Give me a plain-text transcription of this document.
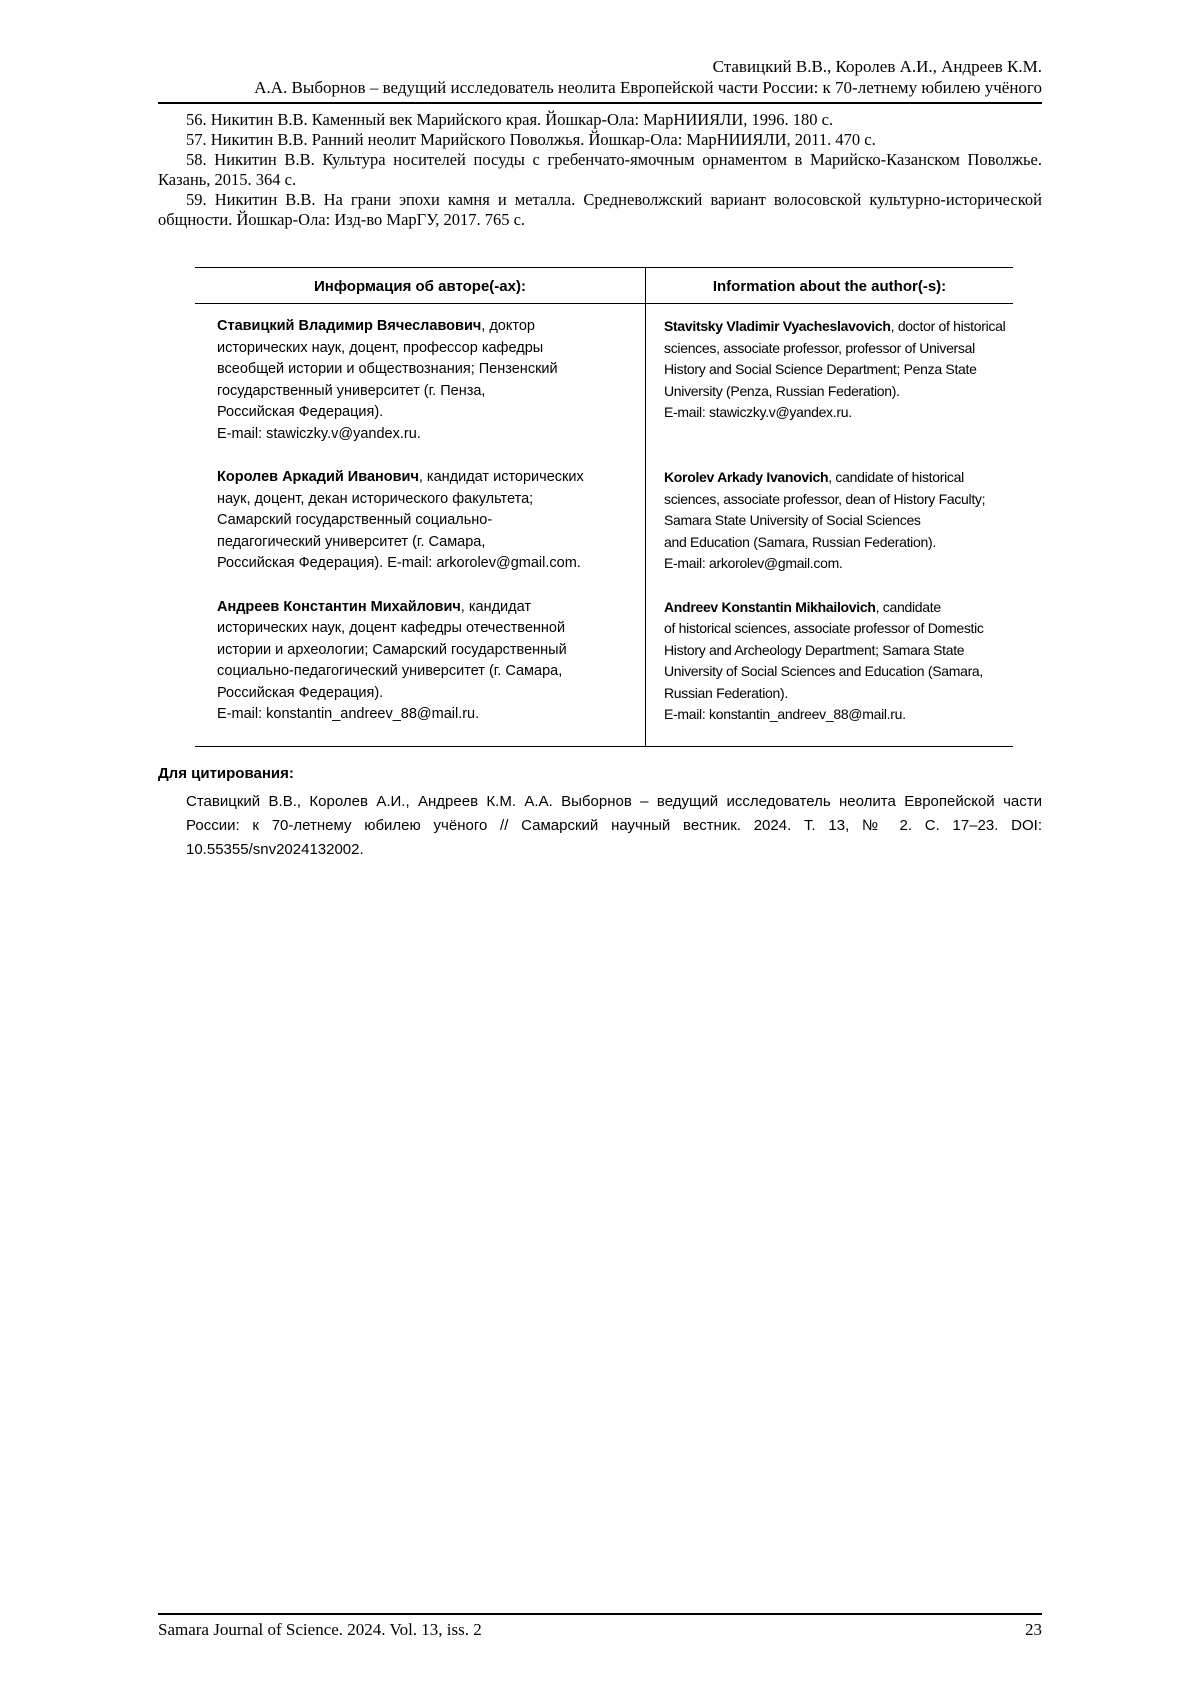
Ставицкий В.В., Королев А.И., Андреев К.М.
А.А. Выборнов – ведущий исследователь неолита Европейской части России: к 70-летнему юбилею учёного

56. Никитин В.В. Каменный век Марийского края. Йошкар-Ола: МарНИИЯЛИ, 1996. 180 с.

57. Никитин В.В. Ранний неолит Марийского Поволжья. Йошкар-Ола: МарНИИЯЛИ, 2011. 470 с.

58. Никитин В.В. Культура носителей посуды с гребенчато-ямочным орнаментом в Марийско-Казанском Поволжье. Казань, 2015. 364 с.

59. Никитин В.В. На грани эпохи камня и металла. Средневолжский вариант волосовской культурно-исторической общности. Йошкар-Ола: Изд-во МарГУ, 2017. 765 с.

Информация об авторе(-ах):	Information about the author(-s):
Ставицкий Владимир Вячеславович, доктор
исторических наук, доцент, профессор кафедры
всеобщей истории и обществознания; Пензенский
государственный университет (г. Пенза,
Российская Федерация).
E-mail: stawiczky.v@yandex.ru.
Stavitsky Vladimir Vyacheslavovich, doctor of historical
sciences, associate professor, professor of Universal
History and Social Science Department; Penza State
University (Penza, Russian Federation).
E-mail: stawiczky.v@yandex.ru.
Королев Аркадий Иванович, кандидат исторических
наук, доцент, декан исторического факультета;
Самарский государственный социально-
педагогический университет (г. Самара,
Российская Федерация). E-mail: arkorolev@gmail.com.
Korolev Arkady Ivanovich, candidate of historical
sciences, associate professor, dean of History Faculty;
Samara State University of Social Sciences
and Education (Samara, Russian Federation).
E-mail: arkorolev@gmail.com.
Андреев Константин Михайлович, кандидат
исторических наук, доцент кафедры отечественной
истории и археологии; Самарский государственный
социально-педагогический университет (г. Самара,
Российская Федерация).
E-mail: konstantin_andreev_88@mail.ru.
Andreev Konstantin Mikhailovich, candidate
of historical sciences, associate professor of Domestic
History and Archeology Department; Samara State
University of Social Sciences and Education (Samara,
Russian Federation).
E-mail: konstantin_andreev_88@mail.ru.
Для цитирования:

Ставицкий В.В., Королев А.И., Андреев К.М. А.А. Выборнов – ведущий исследователь неолита Европейской части России: к 70-летнему юбилею учёного // Самарский научный вестник. 2024. Т. 13, № 2. С. 17–23. DOI: 10.55355/snv2024132002.

Samara Journal of Science. 2024. Vol. 13, iss. 2	23
